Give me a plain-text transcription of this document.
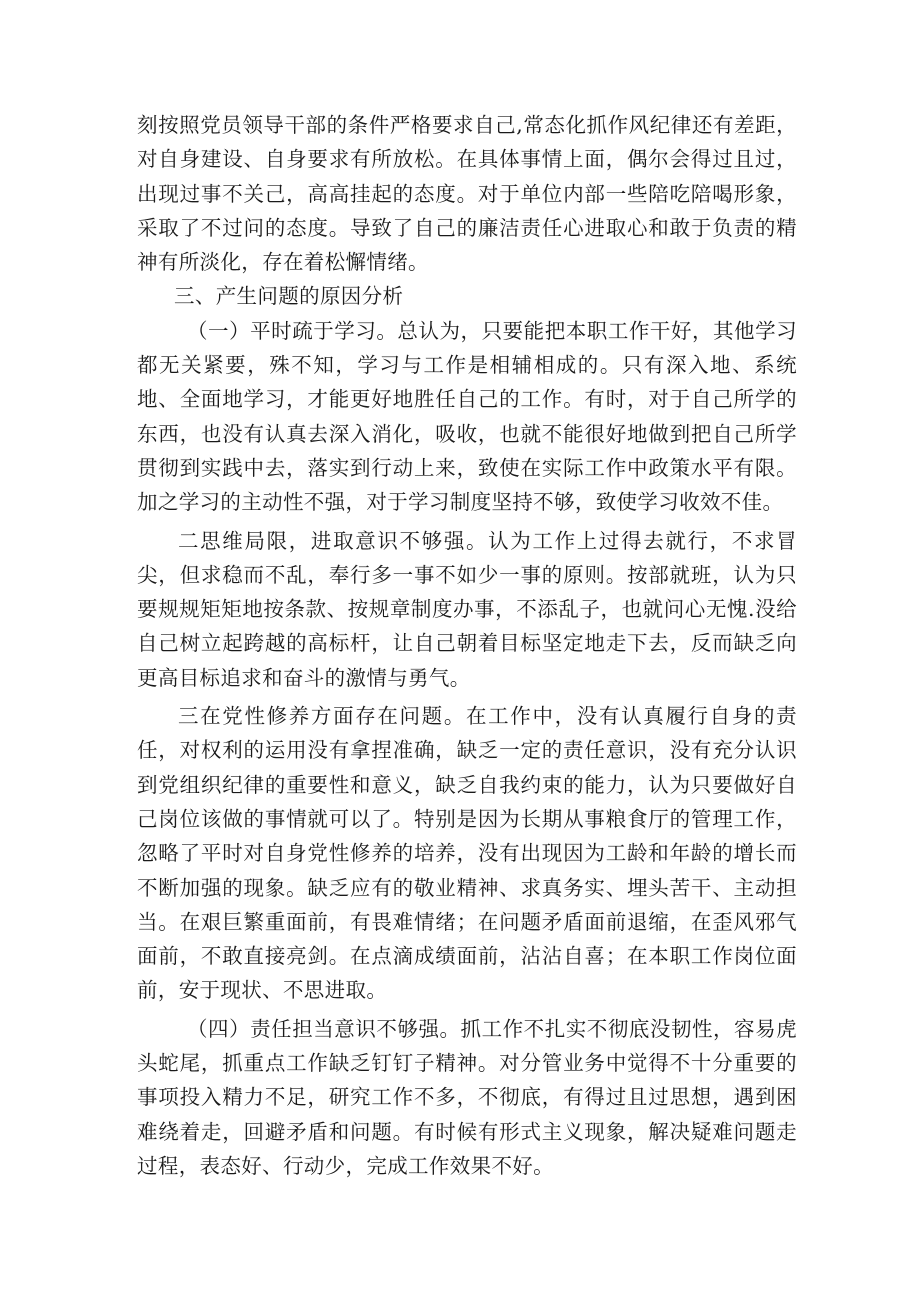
刻按照党员领导干部的条件严格要求自己,常态化抓作风纪律还有差距，对自身建设、自身要求有所放松。在具体事情上面，偶尔会得过且过，出现过事不关己，高高挂起的态度。对于单位内部一些陪吃陪喝形象，采取了不过问的态度。导致了自己的廉洁责任心进取心和敢于负责的精神有所淡化，存在着松懈情绪。

三、产生问题的原因分析

（一）平时疏于学习。总认为，只要能把本职工作干好，其他学习都无关紧要，殊不知，学习与工作是相辅相成的。只有深入地、系统地、全面地学习，才能更好地胜任自己的工作。有时，对于自己所学的东西，也没有认真去深入消化，吸收，也就不能很好地做到把自己所学贯彻到实践中去，落实到行动上来，致使在实际工作中政策水平有限。加之学习的主动性不强，对于学习制度坚持不够，致使学习收效不佳。

二思维局限，进取意识不够强。认为工作上过得去就行，不求冒尖，但求稳而不乱，奉行多一事不如少一事的原则。按部就班，认为只要规规矩矩地按条款、按规章制度办事，不添乱子，也就问心无愧.没给自己树立起跨越的高标杆，让自己朝着目标坚定地走下去，反而缺乏向更高目标追求和奋斗的激情与勇气。

三在党性修养方面存在问题。在工作中，没有认真履行自身的责任，对权利的运用没有拿捏准确，缺乏一定的责任意识，没有充分认识到党组织纪律的重要性和意义，缺乏自我约束的能力，认为只要做好自己岗位该做的事情就可以了。特别是因为长期从事粮食厅的管理工作，忽略了平时对自身党性修养的培养，没有出现因为工龄和年龄的增长而不断加强的现象。缺乏应有的敬业精神、求真务实、埋头苦干、主动担当。在艰巨繁重面前，有畏难情绪；在问题矛盾面前退缩，在歪风邪气面前，不敢直接亮剑。在点滴成绩面前，沾沾自喜；在本职工作岗位面前，安于现状、不思进取。

（四）责任担当意识不够强。抓工作不扎实不彻底没韧性，容易虎头蛇尾，抓重点工作缺乏钉钉子精神。对分管业务中觉得不十分重要的事项投入精力不足，研究工作不多，不彻底，有得过且过思想，遇到困难绕着走，回避矛盾和问题。有时候有形式主义现象，解决疑难问题走过程，表态好、行动少，完成工作效果不好。
